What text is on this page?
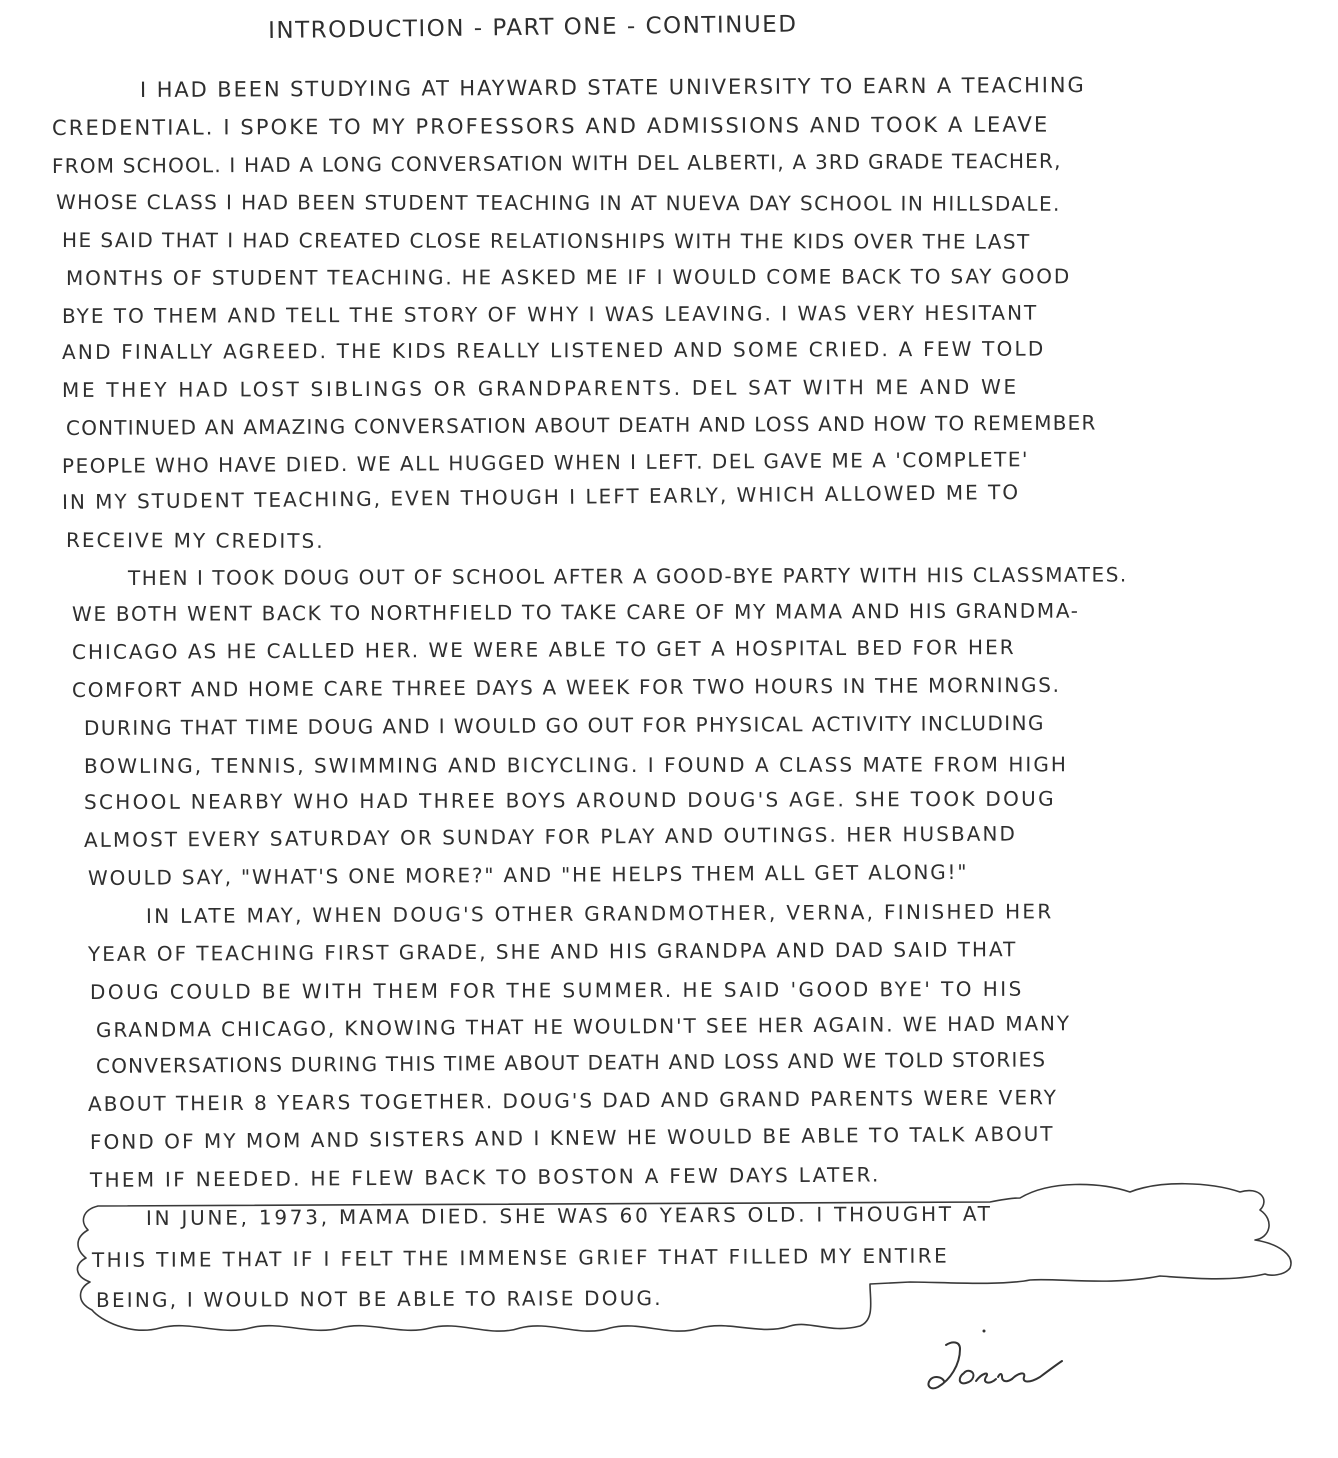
INTRODUCTION - PART ONE - CONTINUED
I HAD BEEN STUDYING AT HAYWARD STATE UNIVERSITY TO EARN A TEACHING
CREDENTIAL. I SPOKE TO MY PROFESSORS AND ADMISSIONS AND TOOK A LEAVE
FROM SCHOOL. I HAD A LONG CONVERSATION WITH DEL ALBERTI, A 3RD GRADE TEACHER,
WHOSE CLASS I HAD BEEN STUDENT TEACHING IN AT NUEVA DAY SCHOOL IN HILLSDALE.
HE SAID THAT I HAD CREATED CLOSE RELATIONSHIPS WITH THE KIDS OVER THE LAST
MONTHS OF STUDENT TEACHING. HE ASKED ME IF I WOULD COME BACK TO SAY GOOD
BYE TO THEM AND TELL THE STORY OF WHY I WAS LEAVING. I WAS VERY HESITANT
AND FINALLY AGREED. THE KIDS REALLY LISTENED AND SOME CRIED. A FEW TOLD
ME THEY HAD LOST SIBLINGS OR GRANDPARENTS. DEL SAT WITH ME AND WE
CONTINUED AN AMAZING CONVERSATION ABOUT DEATH AND LOSS AND HOW TO REMEMBER
PEOPLE WHO HAVE DIED. WE ALL HUGGED WHEN I LEFT. DEL GAVE ME A 'COMPLETE'
IN MY STUDENT TEACHING, EVEN THOUGH I LEFT EARLY, WHICH ALLOWED ME TO
RECEIVE MY CREDITS.
THEN I TOOK DOUG OUT OF SCHOOL AFTER A GOOD-BYE PARTY WITH HIS CLASSMATES.
WE BOTH WENT BACK TO NORTHFIELD TO TAKE CARE OF MY MAMA AND HIS GRANDMA-
CHICAGO AS HE CALLED HER. WE WERE ABLE TO GET A HOSPITAL BED FOR HER
COMFORT AND HOME CARE THREE DAYS A WEEK FOR TWO HOURS IN THE MORNINGS.
DURING THAT TIME DOUG AND I WOULD GO OUT FOR PHYSICAL ACTIVITY INCLUDING
BOWLING, TENNIS, SWIMMING AND BICYCLING. I FOUND A CLASS MATE FROM HIGH
SCHOOL NEARBY WHO HAD THREE BOYS AROUND DOUG'S AGE. SHE TOOK DOUG
ALMOST EVERY SATURDAY OR SUNDAY FOR PLAY AND OUTINGS. HER HUSBAND
WOULD SAY, "WHAT'S ONE MORE?" AND "HE HELPS THEM ALL GET ALONG!"
IN LATE MAY, WHEN DOUG'S OTHER GRANDMOTHER, VERNA, FINISHED HER
YEAR OF TEACHING FIRST GRADE, SHE AND HIS GRANDPA AND DAD SAID THAT
DOUG COULD BE WITH THEM FOR THE SUMMER. HE SAID 'GOOD BYE' TO HIS
GRANDMA CHICAGO, KNOWING THAT HE WOULDN'T SEE HER AGAIN. WE HAD MANY
CONVERSATIONS DURING THIS TIME ABOUT DEATH AND LOSS AND WE TOLD STORIES
ABOUT THEIR 8 YEARS TOGETHER. DOUG'S DAD AND GRAND PARENTS WERE VERY
FOND OF MY MOM AND SISTERS AND I KNEW HE WOULD BE ABLE TO TALK ABOUT
THEM IF NEEDED. HE FLEW BACK TO BOSTON A FEW DAYS LATER.
IN JUNE, 1973, MAMA DIED. SHE WAS 60 YEARS OLD. I THOUGHT AT
THIS TIME THAT IF I FELT THE IMMENSE GRIEF THAT FILLED MY ENTIRE
BEING, I WOULD NOT BE ABLE TO RAISE DOUG.
